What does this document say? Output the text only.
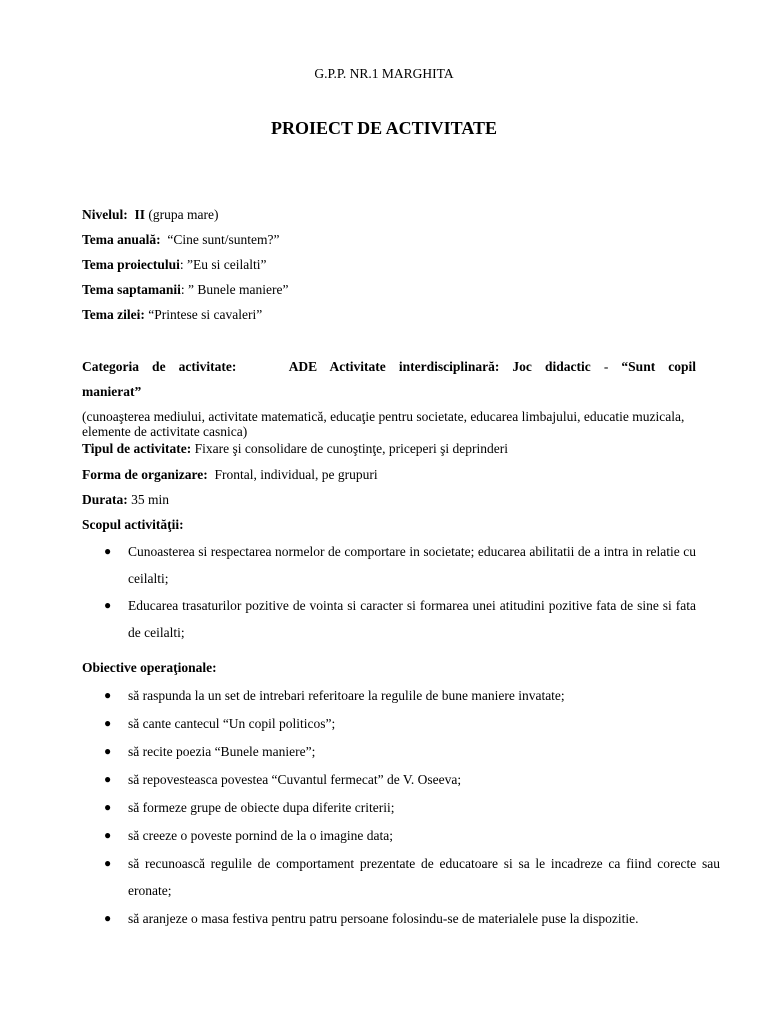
G.P.P. NR.1 MARGHITA
PROIECT DE ACTIVITATE
Nivelul: II (grupa mare)
Tema anuală: “Cine sunt/suntem?”
Tema proiectului: ”Eu si ceilalti”
Tema saptamanii: ” Bunele maniere”
Tema zilei: “Printese si cavaleri”
Categoria de activitate:	ADE Activitate interdisciplinară: Joc didactic - “Sunt copil
manierat”
(cunoaşterea mediului, activitate matematică, educaţie pentru societate, educarea limbajului, educatie muzicala, elemente de activitate casnica)
Tipul de activitate: Fixare şi consolidare de cunoştinţe, priceperi şi deprinderi
Forma de organizare: Frontal, individual, pe grupuri
Durata: 35 min
Scopul activităţii:
● Cunoasterea si respectarea normelor de comportare in societate; educarea abilitatii de a intra in relatie cu ceilalti;
● Educarea trasaturilor pozitive de vointa si caracter si formarea unei atitudini pozitive fata de sine si fata de ceilalti;
Obiective operaţionale:
● să raspunda la un set de intrebari referitoare la regulile de bune maniere invatate;
● să cante cantecul “Un copil politicos”;
● să recite poezia “Bunele maniere”;
● să repovesteasca povestea “Cuvantul fermecat” de V. Oseeva;
● să formeze grupe de obiecte dupa diferite criterii;
● să creeze o poveste pornind de la o imagine data;
● să recunoască regulile de comportament prezentate de educatoare si sa le incadreze ca fiind corecte sau eronate;
● să aranjeze o masa festiva pentru patru persoane folosindu-se de materialele puse la dispozitie.
